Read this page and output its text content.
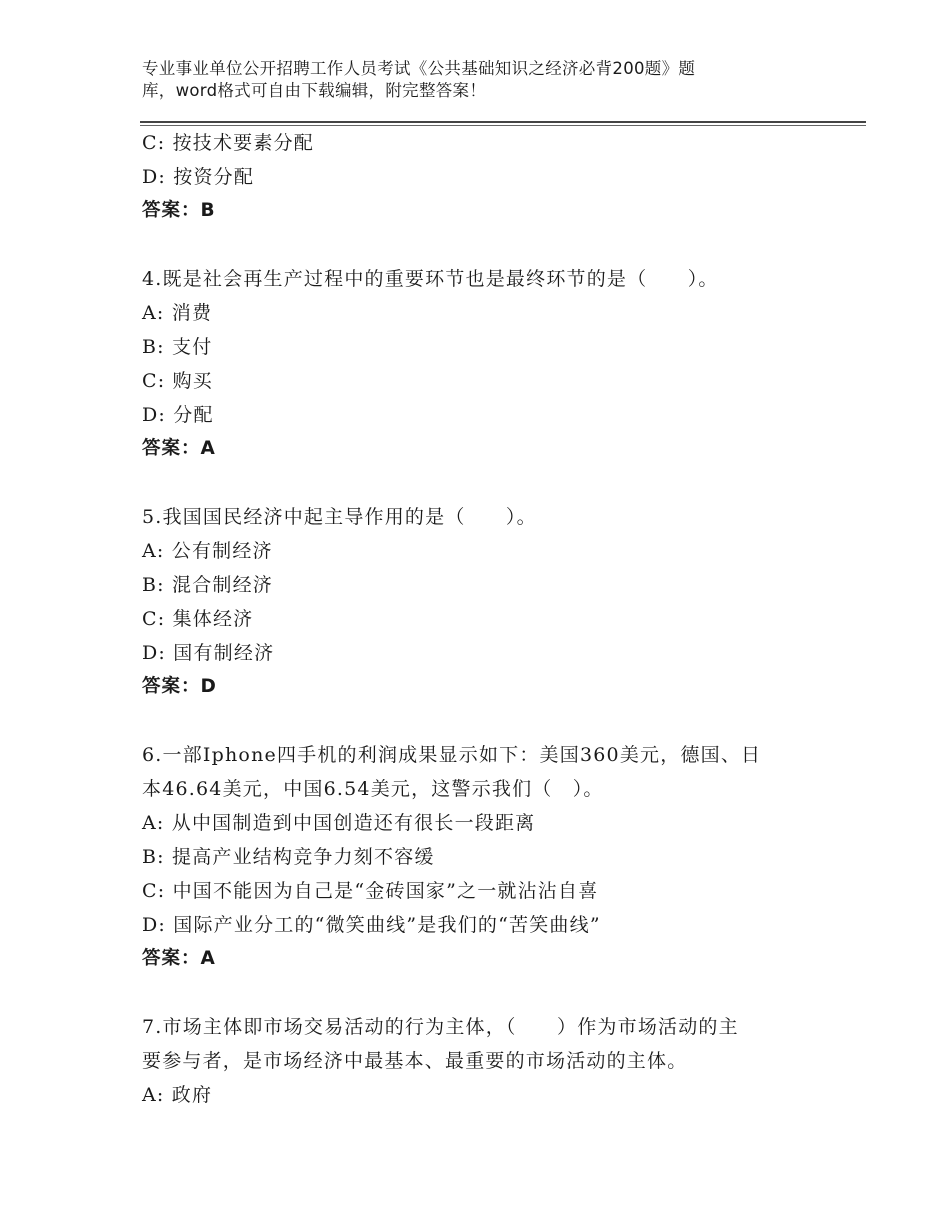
专业事业单位公开招聘工作人员考试《公共基础知识之经济必背200题》题
库，word格式可自由下载编辑，附完整答案！
C: 按技术要素分配
D: 按资分配
答案：B
4.既是社会再生产过程中的重要环节也是最终环节的是（　　）。
A: 消费
B: 支付
C: 购买
D: 分配
答案：A
5.我国国民经济中起主导作用的是（　　）。
A: 公有制经济
B: 混合制经济
C: 集体经济
D: 国有制经济
答案：D
6.一部Iphone四手机的利润成果显示如下：美国360美元，德国、日
本46.64美元，中国6.54美元，这警示我们（　）。
A: 从中国制造到中国创造还有很长一段距离
B: 提高产业结构竞争力刻不容缓
C: 中国不能因为自己是“金砖国家”之一就沾沾自喜
D: 国际产业分工的“微笑曲线”是我们的“苦笑曲线”
答案：A
7.市场主体即市场交易活动的行为主体，（　　）作为市场活动的主
要参与者，是市场经济中最基本、最重要的市场活动的主体。
A: 政府
